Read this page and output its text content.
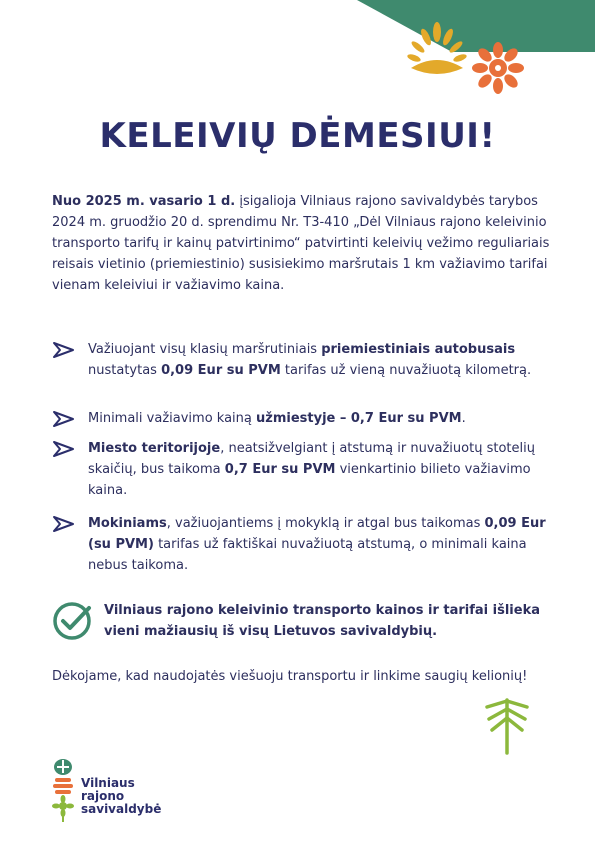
KELEIVIŲ DĖMESIUI!

Nuo 2025 m. vasario 1 d. įsigalioja Vilniaus rajono savivaldybės tarybos 2024 m. gruodžio 20 d. sprendimu Nr. T3-410 „Dėl Vilniaus rajono keleivinio transporto tarifų ir kainų patvirtinimo“ patvirtinti keleivių vežimo reguliariais reisais vietinio (priemiestinio) susisiekimo maršrutais 1 km važiavimo tarifai vienam keleiviui ir važiavimo kaina.

Važiuojant visų klasių maršrutiniais priemiestiniais autobusais nustatytas 0,09 Eur su PVM tarifas už vieną nuvažiuotą kilometrą.
Minimali važiavimo kainą užmiestyje – 0,7 Eur su PVM.
Miesto teritorijoje, neatsižvelgiant į atstumą ir nuvažiuotų stotelių skaičių, bus taikoma 0,7 Eur su PVM vienkartinio bilieto važiavimo kaina.
Mokiniams, važiuojantiems į mokyklą ir atgal bus taikomas 0,09 Eur (su PVM) tarifas už faktiškai nuvažiuotą atstumą, o minimali kaina nebus taikoma.
Vilniaus rajono keleivinio transporto kainos ir tarifai išlieka vieni mažiausių iš visų Lietuvos savivaldybių.

Dėkojame, kad naudojatės viešuoju transportu ir linkime saugių kelionių!

Vilniaus
rajono
savivaldybė
